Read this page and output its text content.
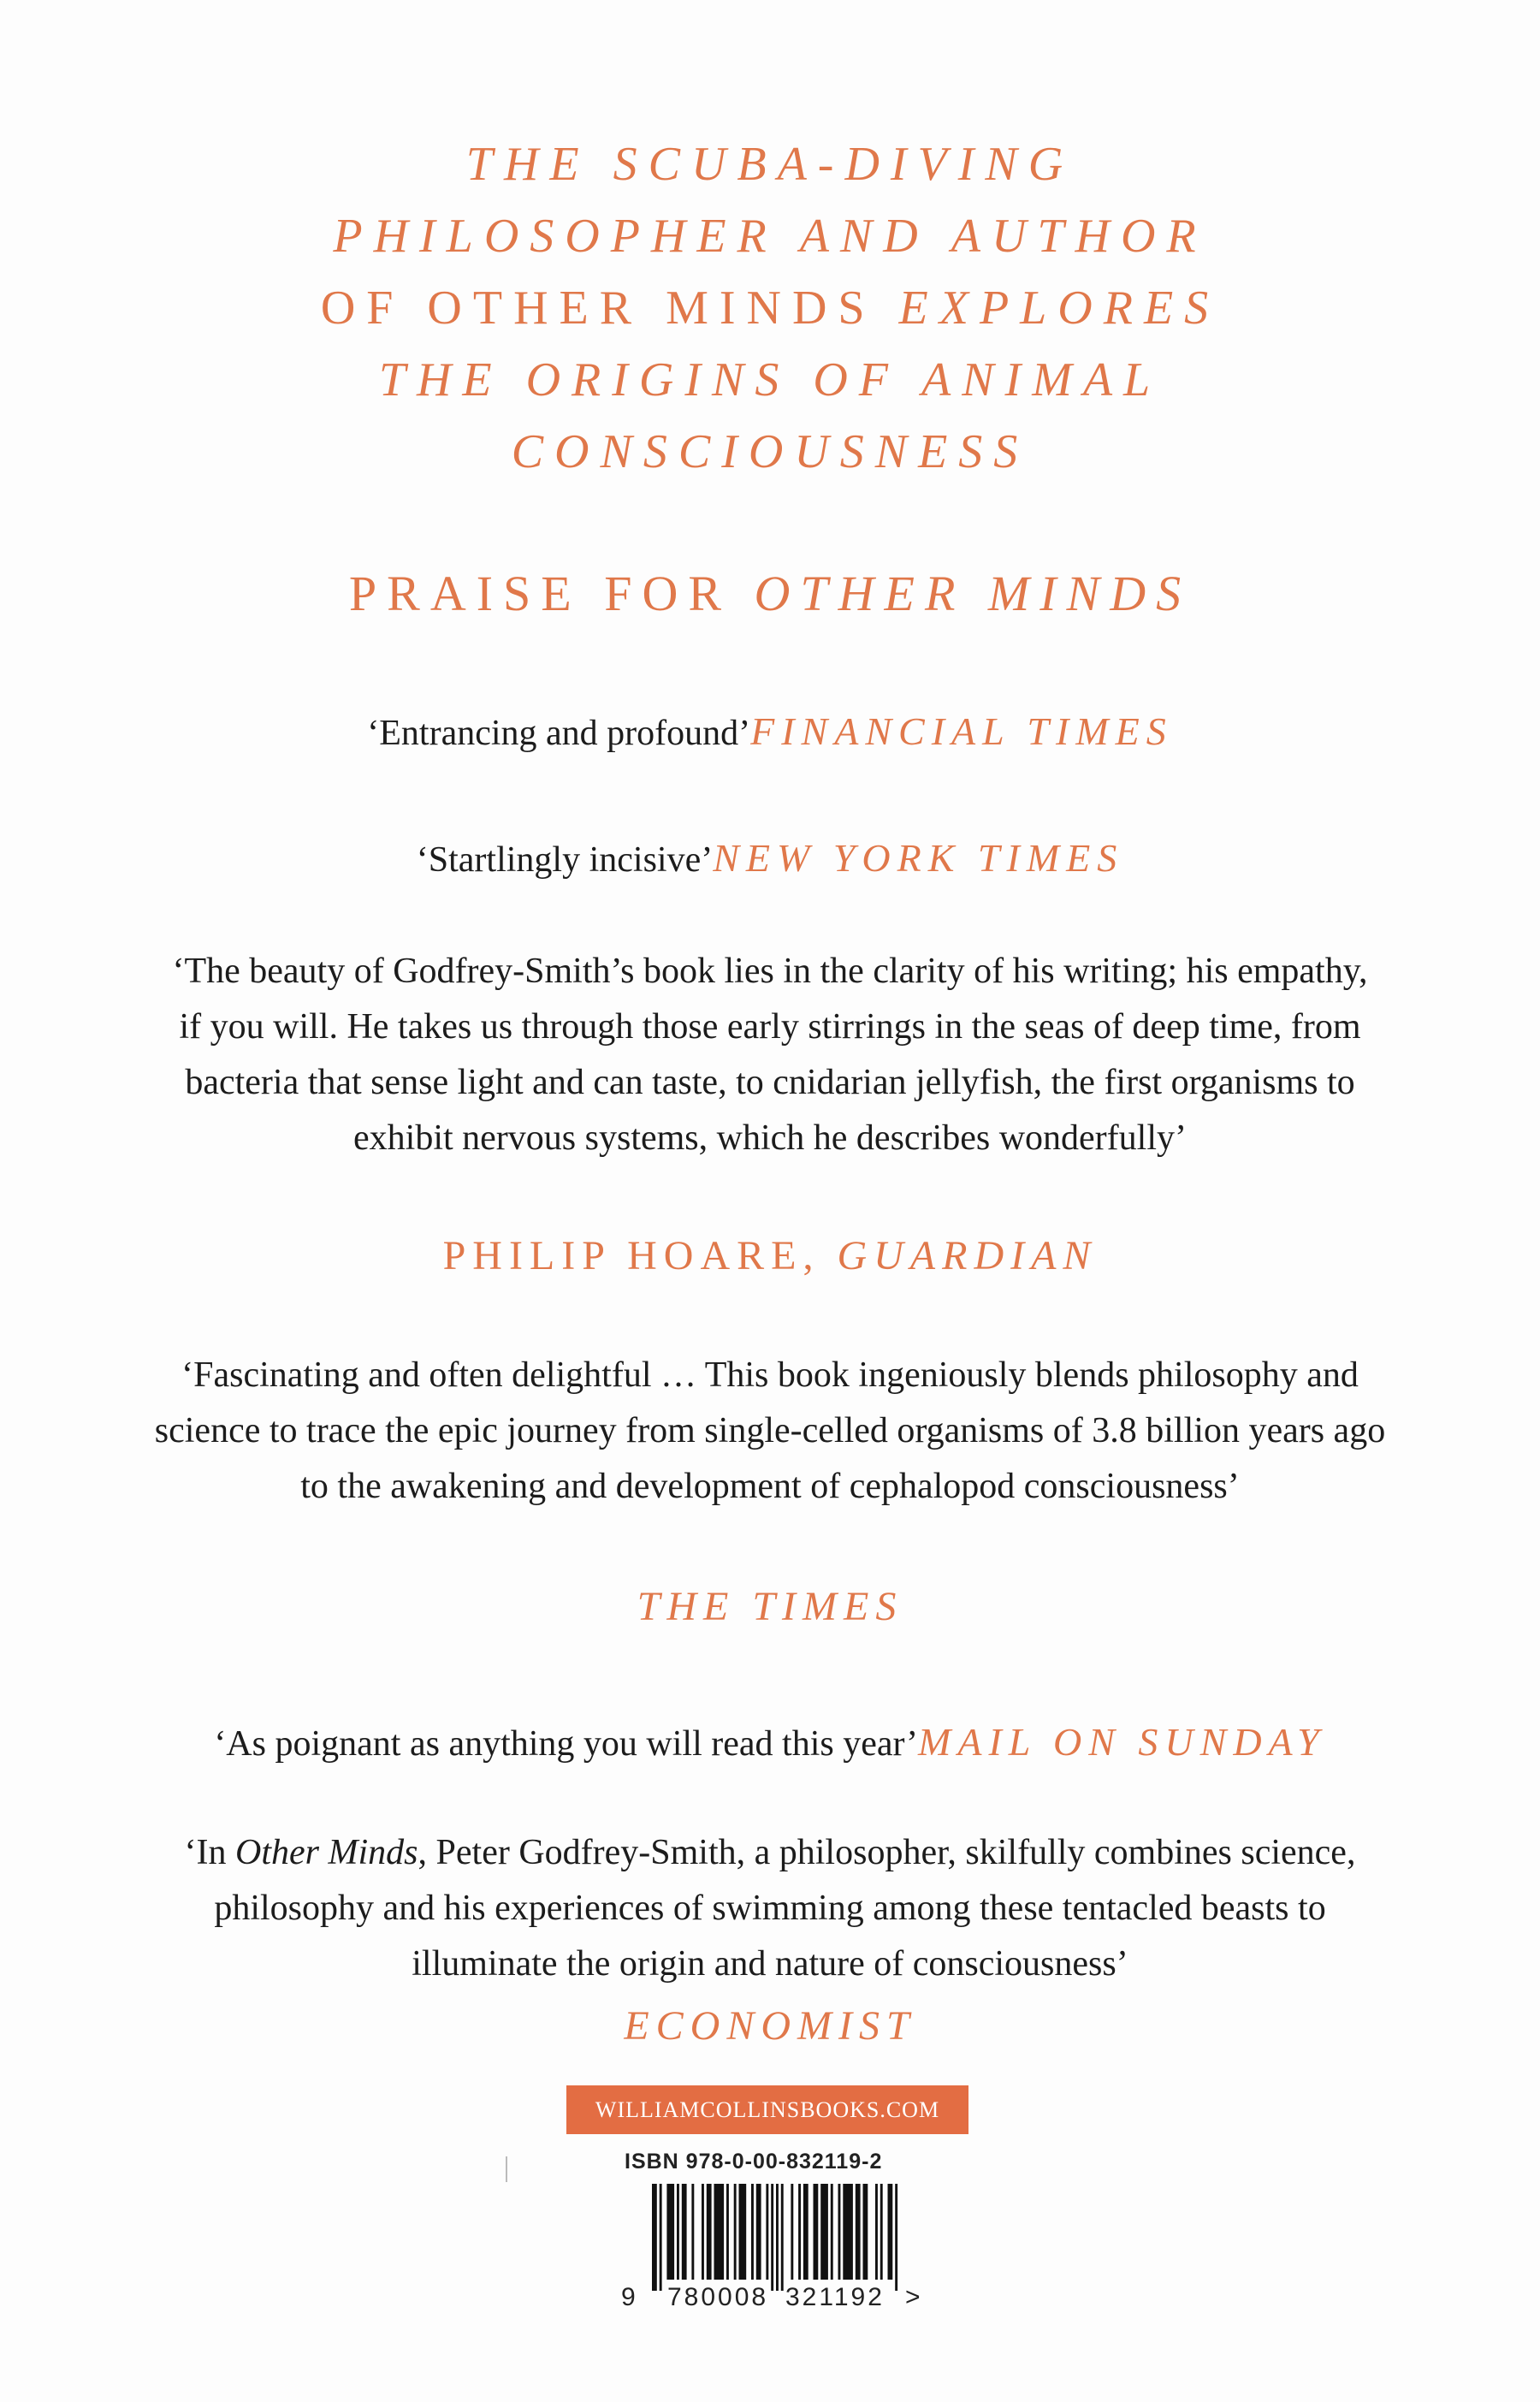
THE SCUBA-DIVING
PHILOSOPHER AND AUTHOR
OF OTHER MINDS EXPLORES
THE ORIGINS OF ANIMAL
CONSCIOUSNESS
PRAISE FOR OTHER MINDS
‘Entrancing and profound’FINANCIAL TIMES
‘Startlingly incisive’NEW YORK TIMES
‘The beauty of Godfrey-Smith’s book lies in the clarity of his writing; his empathy, if you will. He takes us through those early stirrings in the seas of deep time, from bacteria that sense light and can taste, to cnidarian jellyfish, the first organisms to exhibit nervous systems, which he describes wonderfully’
PHILIP HOARE, GUARDIAN
‘Fascinating and often delightful … This book ingeniously blends philosophy and science to trace the epic journey from single-celled organisms of 3.8 billion years ago to the awakening and development of cephalopod consciousness’
THE TIMES
‘As poignant as anything you will read this year’MAIL ON SUNDAY
‘In Other Minds, Peter Godfrey-Smith, a philosopher, skilfully combines science, philosophy and his experiences of swimming among these tentacled beasts to illuminate the origin and nature of consciousness’
ECONOMIST
WILLIAMCOLLINSBOOKS.COM
ISBN 978-0-00-832119-2
9 780008 321192 >
